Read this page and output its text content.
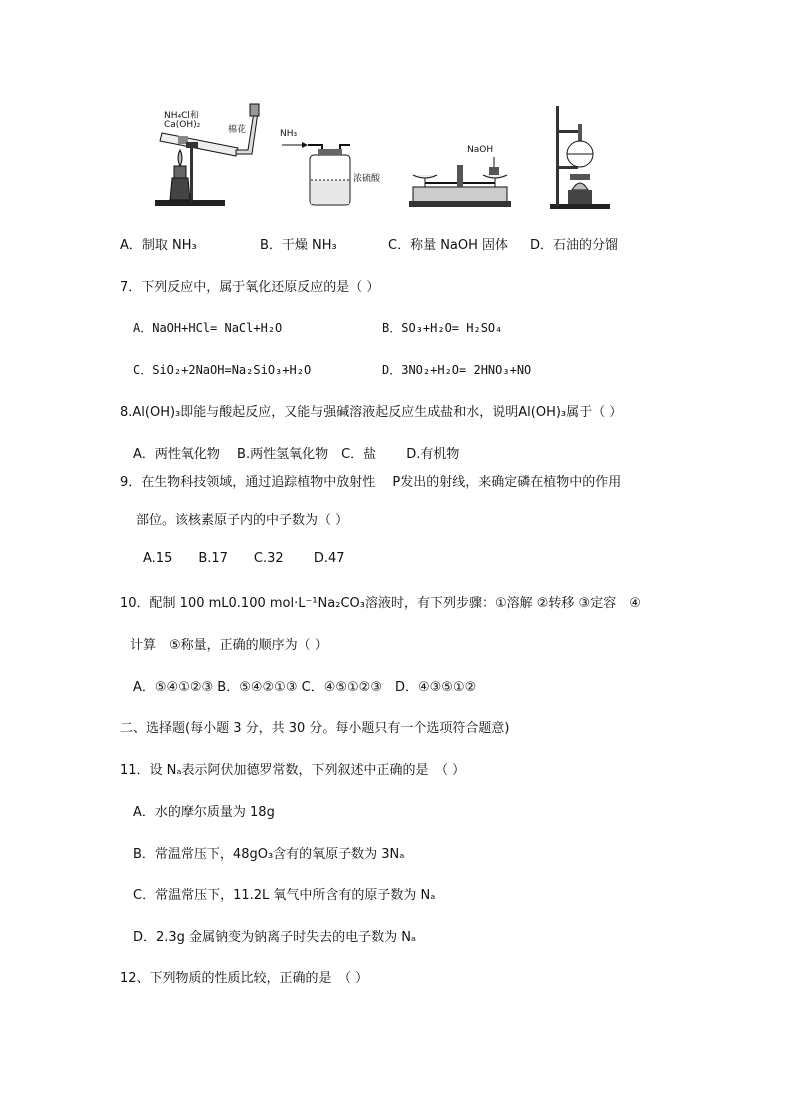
NH₄Cl和
Ca(OH)₂	棉花	NH₃
浓硫酸
NaOH
A．制取 NH₃	B．干燥 NH₃	C．称量 NaOH 固体 D．石油的分馏
7．下列反应中，属于氧化还原反应的是（ ）
A．NaOH+HCl= NaCl+H₂O	B．SO₃+H₂O= H₂SO₄
C．SiO₂+2NaOH=Na₂SiO₃+H₂O	D．3NO₂+H₂O= 2HNO₃+NO
8.Al(OH)₃即能与酸起反应，又能与强碱溶液起反应生成盐和水，说明Al(OH)₃属于（ ）
A．两性氧化物　 B.两性氢氧化物　C．盐　　 D.有机物
9．在生物科技领域，通过追踪植物中放射性　 P发出的射线，来确定磷在植物中的作用
部位。该核素原子内的中子数为（ ）
A.15　　B.17　　C.32　　 D.47
10．配制 100 mL0.100 mol·L⁻¹Na₂CO₃溶液时，有下列步骤：①溶解 ②转移 ③定容　④
计算　⑤称量，正确的顺序为（ ）
A．⑤④①②③ B．⑤④②①③ C．④⑤①②③　D．④③⑤①②
二、选择题(每小题 3 分，共 30 分。每小题只有一个选项符合题意)
11．设 Nₐ表示阿伏加德罗常数，下列叙述中正确的是　（ ）
A．水的摩尔质量为 18g
B．常温常压下，48gO₃含有的氧原子数为 3Nₐ
C．常温常压下，11.2L 氧气中所含有的原子数为 Nₐ
D．2.3g 金属钠变为钠离子时失去的电子数为 Nₐ
12、下列物质的性质比较，正确的是　（ ）
